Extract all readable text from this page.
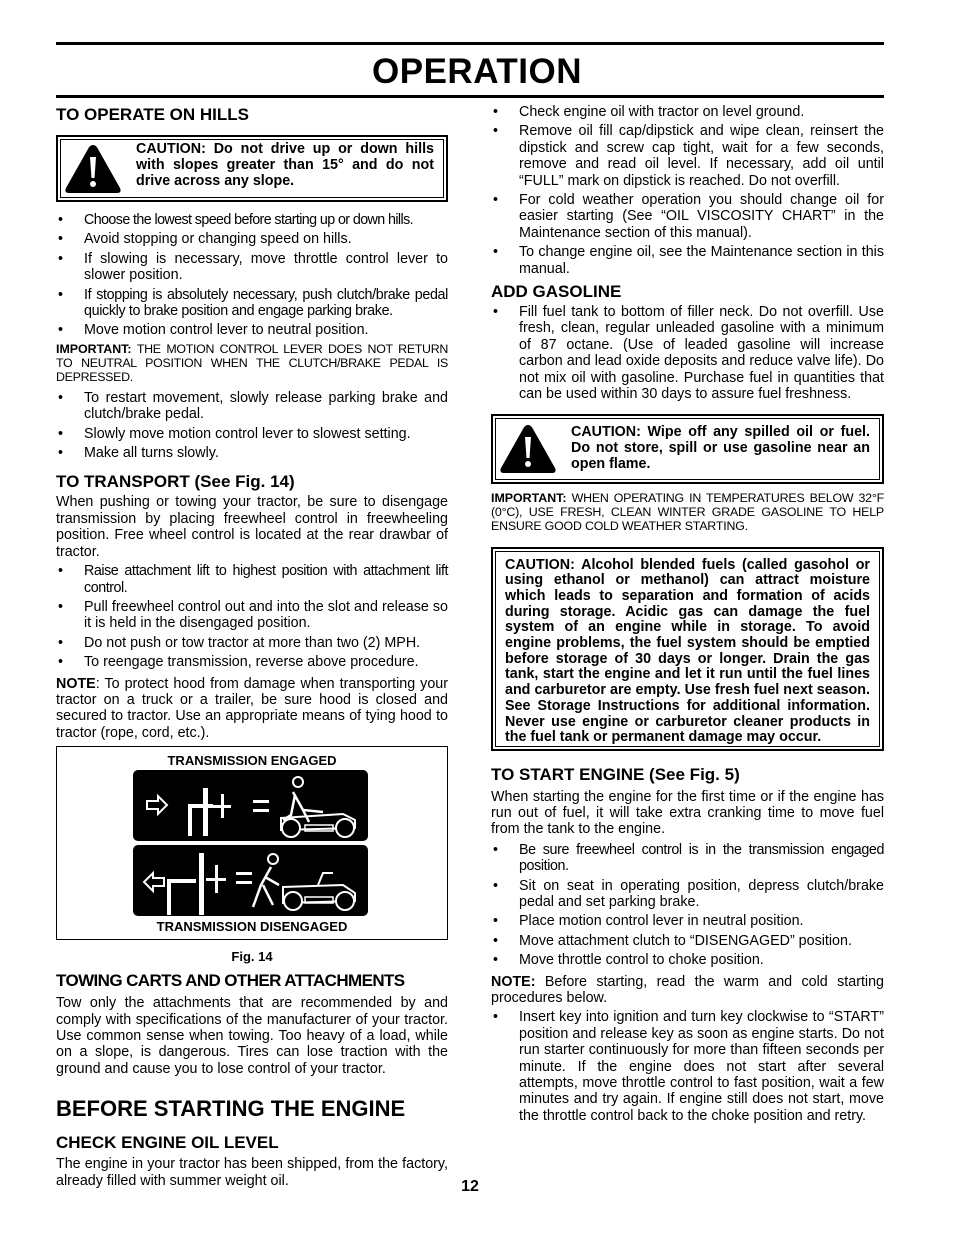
OPERATION
TO OPERATE ON HILLS
CAUTION: Do not drive up or down hills with slopes greater than 15° and do not drive across any slope.
• Choose the lowest speed before starting up or down hills.
• Avoid stopping or changing speed on hills.
• If slowing is necessary, move throttle control lever to slower position.
• If stopping is absolutely necessary, push clutch/brake pedal quickly to brake position and engage parking brake.
• Move motion control lever to neutral position.

IMPORTANT: THE MOTION CONTROL LEVER DOES NOT RETURN TO NEUTRAL POSITION WHEN THE CLUTCH/BRAKE PEDAL IS DEPRESSED.

• To restart movement, slowly release parking brake and clutch/brake pedal.
• Slowly move motion control lever to slowest setting.
• Make all turns slowly.
TO TRANSPORT (See Fig. 14)

When pushing or towing your tractor, be sure to disengage transmission by placing freewheel control in freewheeling position. Free wheel control is located at the rear drawbar of tractor.

• Raise attachment lift to highest position with attachment lift control.
• Pull freewheel control out and into the slot and release so it is held in the disengaged position.
• Do not push or tow tractor at more than two (2) MPH.
• To reengage transmission, reverse above procedure.

NOTE: To protect hood from damage when transporting your tractor on a truck or a trailer, be sure hood is closed and secured to tractor. Use an appropriate means of tying hood to tractor (rope, cord, etc.).

TRANSMISSION ENGAGED
TRANSMISSION DISENGAGED
Fig. 14
TOWING CARTS AND OTHER ATTACHMENTS

Tow only the attachments that are recommended by and comply with specifications of the manufacturer of your tractor. Use common sense when towing. Too heavy of a load, while on a slope, is dangerous. Tires can lose traction with the ground and cause you to lose control of your tractor.

BEFORE STARTING THE ENGINE
CHECK ENGINE OIL LEVEL

The engine in your tractor has been shipped, from the factory, already filled with summer weight oil.

• Check engine oil with tractor on level ground.
• Remove oil fill cap/dipstick and wipe clean, reinsert the dipstick and screw cap tight, wait for a few seconds, remove and read oil level. If necessary, add oil until “FULL” mark on dipstick is reached. Do not overfill.
• For cold weather operation you should change oil for easier starting (See “OIL VISCOSITY CHART” in the Maintenance section of this manual).
• To change engine oil, see the Maintenance section in this manual.
ADD GASOLINE
• Fill fuel tank to bottom of filler neck. Do not overfill. Use fresh, clean, regular unleaded gasoline with a minimum of 87 octane. (Use of leaded gasoline will increase carbon and lead oxide deposits and reduce valve life). Do not mix oil with gasoline. Purchase fuel in quantities that can be used within 30 days to assure fuel freshness.
CAUTION: Wipe off any spilled oil or fuel. Do not store, spill or use gasoline near an open flame.

IMPORTANT: WHEN OPERATING IN TEMPERATURES BELOW 32°F (0°C), USE FRESH, CLEAN WINTER GRADE GASOLINE TO HELP ENSURE GOOD COLD WEATHER STARTING.

CAUTION: Alcohol blended fuels (called gasohol or using ethanol or methanol) can attract moisture which leads to separation and formation of acids during storage. Acidic gas can damage the fuel system of an engine while in storage. To avoid engine problems, the fuel system should be emptied before storage of 30 days or longer. Drain the gas tank, start the engine and let it run until the fuel lines and carburetor are empty. Use fresh fuel next season. See Storage Instructions for additional information. Never use engine or carburetor cleaner products in the fuel tank or permanent damage may occur.
TO START ENGINE (See Fig. 5)

When starting the engine for the first time or if the engine has run out of fuel, it will take extra cranking time to move fuel from the tank to the engine.

• Be sure freewheel control is in the transmission engaged position.
• Sit on seat in operating position, depress clutch/brake pedal and set parking brake.
• Place motion control lever in neutral position.
• Move attachment clutch to “DISENGAGED” position.
• Move throttle control to choke position.

NOTE: Before starting, read the warm and cold starting procedures below.

• Insert key into ignition and turn key clockwise to “START” position and release key as soon as engine starts. Do not run starter continuously for more than fifteen seconds per minute. If the engine does not start after several attempts, move throttle control to fast position, wait a few minutes and try again. If engine still does not start, move the throttle control back to the choke position and retry.
12
